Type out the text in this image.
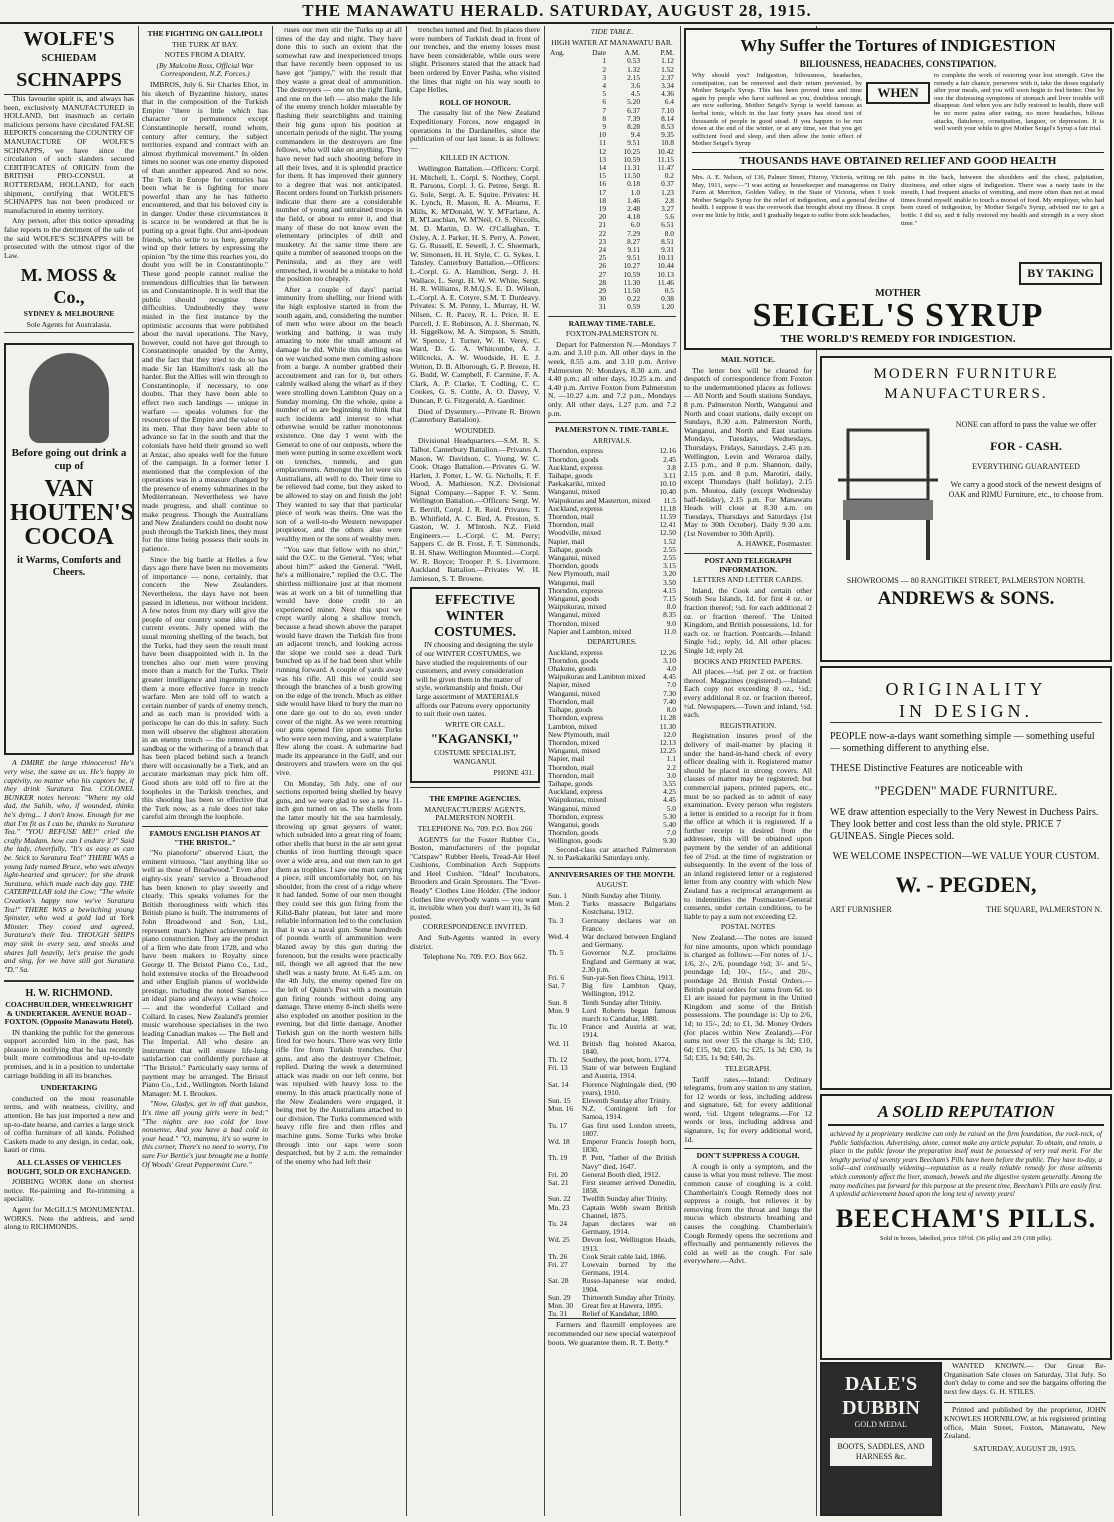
THE MANAWATU HERALD. SATURDAY, AUGUST 28, 1915.
WOLFE'S
SCHIEDAM
SCHNAPPS

This favourite spirit is, and always has been, exclusively MANUFACTURED in HOLLAND, but inasmuch as certain malicious persons have circulated FALSE REPORTS concerning the COUNTRY OF MANUFACTURE OF WOLFE'S SCHNAPPS, we have since the circulation of such slanders secured CERTIFICATES of ORIGIN from the BRITISH PRO-CONSUL at ROTTERDAM, HOLLAND, for each shipment, certifying that WOLFE'S SCHNAPPS has not been produced or manufactured in enemy territory.

Any person, after this notice spreading false reports to the detriment of the sale of the said WOLFE'S SCHNAPPS will be prosecuted with the utmost rigor of the Law.

M. MOSS & Co.,
SYDNEY & MELBOURNE
Sole Agents for Australasia.
Before going out drink a cup of
VAN HOUTEN'S COCOA
it Warms, Comforts and Cheers.

A DMIRE the large rhinoceros! He's very wise, the same as us. He's happy in captivity, no matter who his captors be, if they drink Suratura Tea. COLONEL BUNKER notes hereon: "Where my old dad, the Sahib, who, if wounded, thinks he's dying... I don't know. Enough for me that I'm fit as I can be, thanks to Suratura Tea." "YOU REFUSE ME!" cried the crafty Madam. how can I endure it?" Said the lady, cheerfully, "It's as easy as can be. Stick to Suratura Tea!" THERE WAS a young lady named Bruce, who was always light-hearted and sprucer; for she drank Suratura, which made each day gay. THE CATERPILLAR told the Cow; "The whole Creation's happy now we've Suratura Tea!" THERE WAS a bewitching young Spinster, who wed a gold lad at York Minster. They cooed and agreed, Suratura's their Tea. THOUGH SHIPS may sink in every sea, and stocks and shares fall heavily, let's praise the gods and sing, for we have still got Suratura "D." Sa.

H. W. RICHMOND.
COACHBUILDER, WHEELWRIGHT & UNDERTAKER. AVENUE ROAD - FOXTON. (Opposite Manawatu Hotel).

IN thanking the public for the generous support accorded him in the past, has pleasure in notifying that he has recently built more commodious and up-to-date premises, and is in a position to undertake carriage building in all its branches.

UNDERTAKING

conducted on the most reasonable terms, and with neatness, civility, and attention. He has just imported a new and up-to-date hearse, and carries a large stock of coffin furniture of all kinds. Polished Caskets made to any design, in cedar, oak, kauri or rimu.

ALL CLASSES OF VEHICLES BOUGHT, SOLD OR EXCHANGED.

JOBBING WORK done on shortest notice. Re-painting and Re-trimming a speciality.

Agent for McGILL'S MONUMENTAL WORKS. Note the address, and send along to RICHMONDS.

THE FIGHTING ON GALLIPOLI
THE TURK AT BAY.
NOTES FROM A DIARY.
(By Malcolm Ross, Official War Correspondent, N.Z. Forces.)

IMBROS, July 6. Sir Charles Eliot, in his sketch of Byzantine history, states that in the composition of the Turkish Empire "there is little which has character or permanence except Constantinople herself, round whom, century after century, the subject territories expand and contract with an almost rhythmical movement." In olden times no sooner was one enemy disposed of than another appeared. And so now. The Turk in Europe for centuries has been what he is fighting for more powerful than any he has hitherto encountered, and that his beloved city is in danger. Under these circumstances it is scarce to be wondered at that he is putting up a great fight. Our anti-ipodean friends, who write to us here, generally wind up their letters by expressing the opinion "by the time this reaches you, do doubt you will be in Constantinople." These good people cannot realise the tremendous difficulties that lie between us and Constantinople. It is well that the public should recognise these difficulties. Undoubtedly they were misled in the first instance by the optimistic accounts that were published about the naval operations. The Navy, however, could not have got through to Constantinople unaided by the Army, and the fact that they tried to do so has made Sir Ian Hamilton's task all the harder. But the Allies will win through to Constantinople, if necessary, to one doubts. That they have been able to effect two such landings — unique in warfare — speaks volumes for the resources of the Empire and the valour of its men. That they have been able to advance so far in the south and that the colonials have held their ground so well at Anzac, also speaks well for the future of the campaign. In a former letter I mentioned that the complexion of the operations was in a measure changed by the presence of enemy submarines in the Mediterranean. Nevertheless we have made progress, and shall continue to make progress. Though the Australians and New Zealanders could no doubt now push through the Turkish lines, they must for the time being possess their souls in patience.

Since the big battle at Helles a few days ago there have been no movements of importance — none, certainly, that concern the New Zealanders. Nevertheless, the days have not been passed in idleness, nor without incident. A few notes from my diary will give the people of our country some idea of the current events. July opened with the usual morning shelling of the beach, but the Turks, had they seen the result must have been disappointed with it. In the trenches also our men were proving more than a match for the Turks. Their greater intelligence and ingenuity make them a more effective force in trench warfare. Men are told off to watch a certain number of yards of enemy trench, and as each man is provided with a periscope he can do this in safety. Such men will observe the slightest alteration in an enemy trench — the removal of a sandbag or the withering of a branch that has been placed behind such a branch there will occasionally be a Turk, and an accurate marksman may pick him off. Good shots are told off to fire at the loopholes in the Turkish trenches, and this shooting has been so effective that the Turk now, as a rule does not take careful aim through the loophole.

FAMOUS ENGLISH PIANOS AT "THE BRISTOL."

"No pianoforte" observed Liszt, the eminent virtuoso, "last anything like so well as those of Broadwood." Even after eighty-six years' service a Broadwood has been known to play sweetly and clearly. This speaks volumes for the British thoroughness with which this British piano is built. The instruments of John Broadwood and Son, Ltd., represent man's highest achievement in piano construction. They are the product of a firm who date from 1728, and who have been makers to Royalty since George II. The Bristol Piano Co., Ltd., hold extensive stocks of the Broadwood and other English pianos of worldwide prestige, including the noted Sames — an ideal piano and always a wise choice — and the wonderful Collard and Collard. In cases, New Zealand's premier music warehouse specialises in the two leading Canadian makes — The Bell and The Imperial. All who desire an instrument that will ensure life-long satisfaction can confidently purchase at "The Bristol." Particularly easy terms of payment may be arranged. The Bristol Piano Co., Ltd., Wellington. North Island Manager: M. I. Brookes.

"Now, Gladys, get in off that gasbox, It's time all young girls were in bed;" "The nights are too cold for love nonsense, And you have a bad cold in your head." "O, mamma, it's so warm in this corner, There's no need to worry, I'm sure For Bertie's just brought me a bottle Of Woods' Great Peppermint Cure."

ruses our men stir the Turks up at all times of the day and night. They have done this to such an extent that the somewhat raw and inexperienced troops that have recently been opposed to us have got "jumpy," with the result that they waste a great deal of ammunition. The destroyers — one on the right flank, and one on the left — also make the life of the enemy trench holder miserable by flashing their searchlights and training their big guns upon his position at uncertain periods of the night. The young commanders in the destroyers are fine fellows, who will take on anything. They have never had such shooting before in all their lives, and it is splendid practice for them. It has improved their gunnery to a degree that was not anticipated. Recent orders found on Turkish prisoners indicate that there are a considerable number of young and untrained troops in the field, or about to enter it, and that many of these do not know even the elementary principles of drill and musketry. At the same time there are quite a number of seasoned troops on the Peninsula, and as they are well entrenched, it would be a mistake to hold the position too cheaply.

After a couple of days' partial immunity from shelling, our friend with the high explosive started in from the south again, and, considering the number of men who were about on the beach working and bathing, it was truly amazing to note the small amount of damage he did. While this shelling was on we watched some men coming ashore from a barge. A number grabbed their accoutrement and ran for it, but others calmly walked along the wharf as if they were strolling down Lambton Quay on a Sunday morning. On the whole, quite a number of us are beginning to think that such incidents add interest to what otherwise would be rather monotonous existence. One day I went with the General to one of our outposts, where the men were putting in some excellent work on trenches, tunnels, and gun emplacements. Amongst the lot were six Australians, all well to do. Their time to be relieved had come, but they asked to be allowed to stay on and finish the job! They wanted to say that that particular piece of work was theirs. One was the son of a well-to-do Western newspaper proprietor, and the others also were wealthy men or the sons of wealthy men.

"You saw that fellow with no shirt," said the O.C. to the General. "Yes; what about him?" asked the General. "Well, he's a millionaire," replied the O.C. The shirtless millionaire just at that moment was at work on a bit of tunnelling that would have done credit to an experienced miner. Next this spot we crept warily along a shallow trench, because a head shown above the parapet would have drawn the Turkish fire from an adjacent trench, and looking across the slope we could see a dead Turk bunched up as if he had been shot while running forward. A couple of yards away was his rifle. All this we could see through the branches of a bush growing on the edge of the trench. Much as either side would have liked to bury the man no one dare go out to do so, even under cover of the night. As we were returning our guns opened fire upon some Turks who were seen moving, and a waterplane flew along the coast. A submarine had made its appearance in the Gulf, and our destroyers and trawlers were on the qui vive.

On Monday, 5th July, one of our sections reported being shelled by heavy guns, and we were glad to see a new 11-inch gun turned on us. The shells from the latter mostly hit the sea harmlessly, throwing up great geysers of water, which subsided into a great ring of foam; other shells that burst in the air sent great chunks of iron hurtling through space over a wide area, and our men ran to get them as trophies. I saw one man carrying a piece, still uncomfortably hot, on his shoulder, from the crest of a ridge where it had landed. Some of our men thought they could see this gun firing from the Kilid-Bahr plateau, but later and more reliable information led to the conclusion that it was a naval gun. Some hundreds of pounds worth of ammunition were blazed away by this gun during the forenoon, but the results were practically nil, though we all agreed that the new shell was a nasty brute. At 6.45 a.m. on the 4th July, the enemy opened fire on the left of Quinn's Post with a mountain gun firing rounds without doing any damage. Three enemy 8-inch shells were also exploded on another position in the evening, but did little damage. Another Turkish gun on the north western hills fired for two hours. There was very little rifle fire from Turkish trenches. Our guns, and also the destroyer Chelmer, replied. During the week a determined attack was made on our left centre, but was repulsed with heavy loss to the enemy. In this attack practically none of the New Zealanders were engaged, it being met by the Australians attached to our division. The Turks commenced with heavy rifle fire and then rifles and machine guns. Some Turks who broke through into our saps were soon despatched, but by 2 a.m. the remainder of the enemy who had left their

trenches turned and fled. In places there were numbers of Turkish dead in front of our trenches, and the enemy losses must have been considerable, while ours were slight. Prisoners stated that the attack had been ordered by Enver Pasha, who visited the lines that night on his way south to Cape Helles.

ROLL OF HONOUR.

The casualty list of the New Zealand Expeditionary Forces, now engaged in operations in the Dardanelles, since the publication of our last issue, is as follows:—

KILLED IN ACTION.

Wellington Battalion.—Officers: Corpl. H. Mitchell, L. Corpl. S. Northey, Corpl. R. Parsons, Corpl. J. G. Petree, Sergt. R. G. Sole, Sergt. A. E. Squire. Privates: H. K. Lynch, R. Mason, R. A. Mearns, F. Mills, K. M'Donald, W. Y. M'Farlane, A. R. M'Lauchlan, W. M'Neil, O. S. Niccolls, M. D. Martin, D. W. O'Callaghan, T. Oxley, A. J. Parker, H. S. Perry, A. Power, G. G. Russell, E. Sewell, J. C. Shoemark, W. Simonsen, H. H. Style, C. G. Sykes, I. Tansley. Canterbury Battalion.—Officers: L.-Corpl. G. A. Hamilton, Sergt. J. H. Wallace, L. Sergt. H. W. W. White, Sergt. H. R. Williams, R.M.Q.S. E. D. Wilson, L.-Corpl. A. E. Cotyre, S.M. T. Dunleavy. Privates: S. M. Penny, L. Murray, H. W. Nilsen, C. R. Pacey, R. L. Price, R. E. Purcell, J. E. Robinson, A. J. Sherman, N. H. Siggelkow, M. A. Simpson, S. Smith, W. Spence, J. Turner, W. H. Verey, C. Ward, D. G. A. Whitcombe, A. J. Willcocks, A. W. Woodside, H. E. J. Wotton, D. B. Alborough, G. P. Breeze, H. G. Budd, W. Campbell, F. Carmine, F. A. Clark, A. P. Clarke, T. Codling, C. C. Cookes, G. S. Cottle, A. O. Davey, V. Duncan, P. G. Fitzgerald, A. Gardiner.

Died of Dysentery.—Private R. Brown (Canterbury Battalion).

WOUNDED.

Divisional Headquarters.—S.M. R. S. Talbot. Canterbury Battalion.—Privates A. Mason, W. Davidson, C. Young, W. C. Cook. Otago Battalion.—Privates G. W. Harlen, J. Potter, L. W. G. Nicholls, F. F. Wood, A. Mathieson. N.Z. Divisional Signal Company.—Sapper F. V. Senn. Wellington Battalion.—Officers: Sergt. W. E. Berrill, Corpl. J. R. Reid. Privates: T. B. Whitfield, A. C. Bird, A. Preston, S. Gaston, W. J. M'Intosh. N.Z. Field Engineers.— L.-Corpl. C. M. Perry; Sappers C. de B. Frost, F. T. Simmonds, R. H. Shaw. Wellington Mounted.—Corpl. W. R. Boyce; Trooper P. S. Livermore. Auckland Battalion.—Privates W. H. Jamieson, S. T. Browne.

EFFECTIVE WINTER COSTUMES.

IN choosing and designing the style of our WINTER COSTUMES, we have studied the requirements of our customers, and every consideration will be given them in the matter of style, workmanship and finish. Our large assortment of MATERIALS affords our Patrons every opportunity to suit their own tastes.

WRITE OR CALL.
"KAGANSKI,"
COSTUME SPECIALIST, WANGANUI.
PHONE 431.
THE EMPIRE AGENCIES.
MANUFACTURERS' AGENTS, PALMERSTON NORTH.
TELEPHONE No. 709. P.O. Box 266

AGENTS for the Foster Rubber Co., Boston, manufacturers of the popular "Catspaw" Rubber Heels, Tread-Air Heel Cushions, Combination Arch Supports and Heel Cushion. "Ideal" Incubators, Brooders and Grain Sprouters. The "Ever-Ready" Clothes Line Holder. (The indoor clothes line everybody wants — you want it, invisible when you don't want it), 3s 6d posted.

CORRESPONDENCE INVITED.

And Sub-Agents wanted in every district.

Telephone No. 709. P.O. Box 662.
TIDE TABLE.
HIGH WATER AT MANAWATU BAR.
Aug.	Date	A.M.	P.M.
	1	0.53	1.12
	2	1.32	1.52
	3	2.15	2.37
	4	3.6	3.34
	5	4.5	4.36
	6	5.20	6.4
	7	6.37	7.10
	8	7.39	8.14
	9	8.28	8.53
	10	9.4	9.35
	11	9.51	10.8
	12	10.25	10.42
	13	10.59	11.15
	14	11.31	11.47
	15	11.50	0.2
	16	0.18	0.37
	17	1.0	1.23
	18	1.46	2.8
	19	2.48	3.27
	20	4.18	5.6
	21	6.0	6.51
	22	7.29	8.0
	23	8.27	8.51
	24	9.11	9.31
	25	9.51	10.11
	26	10.27	10.44
	27	10.59	10.13
	28	11.30	11.46
	29	11.50	0.5
	30	0.22	0.38
	31	0.59	1.20
RAILWAY TIME-TABLE.
FOXTON-PALMERSTON N.

Depart for Palmerston N.—Mondays 7 a.m. and 3.10 p.m. All other days in the week, 8.55 a.m. and 3.10 p.m. Arrive Palmerston N: Mondays, 8.30 a.m. and 4.40 p.m.; all other days, 10.25 a.m. and 4.40 p.m. Arrive Foxton from Palmerston N. —10.27 a.m. and 7.2 p.m., Mondays only. All other days, 1.27 p.m. and 7.2 p.m.

PALMERSTON N. TIME-TABLE.
ARRIVALS.
Thorndon, express	12.16
Thorndon, goods	2.45
Auckland, express	3.8
Taihape, goods	3.11
Paekakariki, mixed	10.10
Wanganui, mixed	10.40
Waipukurau and Masterton, mixed 11.5
Auckland, express	11.18
Thorndon, mail	11.59
Thorndon, mail	12.41
Woodville, mixed	12.50
Napier, mail	1.52
Taihape, goods	2.55
Wanganui, mixed	2.55
Thorndon, goods	3.15
New Plymouth, mail	3.20
Wanganui, mail	3.50
Thorndon, express	4.15
Wanganui, goods	7.15
Waipukurau, mixed	8.0
Wanganui, mixed	8.35
Thorndon, mixed	9.0
Napier and Lambton, mixed	11.0
DEPARTURES.
Auckland, express	12.26
Thorndon, goods	3.10
Ohakune, goods	4.0
Waipukurau and Lambton mixed 4.45
Napier, mixed	7.0
Wanganui, mixed	7.30
Thorndon, mail	7.40
Taihape, goods	8.0
Thorndon, express	11.28
Lambton, mixed	11.30
New Plymouth, mail	12.0
Thorndon, mixed	12.13
Wanganui, mixed	12.25
Napier, mail	1.1
Thorndon, mail	2.2
Thorndon, mail	3.0
Taihape, goods	3.55
Auckland, express	4.25
Waipukurau, mixed	4.45
Wanganui, mixed	5.0
Thorndon, express	5.30
Wanganui, goods	5.40
Thorndon, goods	7.0
Wellington, goods	9.30

Second-class car attached Palmerston N. to Paekakariki Saturdays only.

ANNIVERSARIES OF THE MONTH.
AUGUST.
Sun. 1	Ninth Sunday after Trinity.
Mon. 2	Turks massacre Bulgarians Kostchana, 1912.
Tu. 3	Germany declares war on France.
Wed. 4	War declared between England and Germany.
Th. 5	Governor N.Z. proclaims England and Germany at war, 2.30 p.m.
Fri. 6	Sun-yat-Sen flees China, 1913.
Sat. 7	Big fire Lambton Quay, Wellington, 1912.
Sun. 8	Tenth Sunday after Trinity.
Mon. 9	Lord Roberts began famous march to Candahar, 1880.
Tu. 10	France and Austria at war, 1914.
Wd. 11	British flag hoisted Akaroa, 1840.
Th. 12	Southey, the poet, born, 1774.
Fri. 13	State of war between England and Austria, 1914.
Sat. 14	Florence Nightingale died, (90 years), 1910.
Sun. 15	Eleventh Sunday after Trinity.
Mon. 16	N.Z. Contingent left for Samoa, 1914.
Tu. 17	Gas first used London streets, 1807.
Wd. 18	Emperor Francis Joseph born, 1830.
Th. 19	P. Pett, "father of the British Navy" died, 1647.
Fri. 20	General Booth died, 1912.
Sat. 21	First steamer arrived Dunedin, 1858.
Sun. 22	Twelfth Sunday after Trinity.
Mn. 23	Captain Webb swam British Channel, 1875.
Tu. 24	Japan declares war on Germany, 1914.
Wd. 25	Devon lost, Wellington Heads, 1913.
Th. 26	Cook Strait cable laid, 1866.
Fri. 27	Lowvain burned by the Germans, 1914.
Sat. 28	Russo-Japanese war ended, 1904.
Sun. 29	Thirteenth Sunday after Trinity.
Mon. 30	Great fire at Hawera, 1895.
Tu. 31	Relief of Kandahar, 1880.

Farmers and flaxmill employees are recommended our new special waterproof boots. We guarantee them. R. T. Betty.*

Why Suffer the Tortures of INDIGESTION
BILIOUSNESS, HEADACHES, CONSTIPATION.
Why should you? Indigestion, biliousness, headaches, constipation, can be removed and their return prevented, by Mother Seigel's Syrup. This has been proved time and time again by people who have suffered as you, doubtless enough, are now suffering. Mother Seigel's Syrup is world famous as herbal tonic, which in the last forty years has stood test of thousands of people in good stead. If you happen to be run down at the end of the winter, or at any time, see that you get sufficient food and sleep, and then allow the tonic effect of Mother Seigel's Syrup
WHEN
to complete the work of restoring your lost strength. Give the remedy a fair chance, persevere with it, take the doses regularly after your meals, and you will soon begin to feel better. One by one the distressing symptoms of stomach and liver trouble will disappear. And when you are fully restored to health, there will be no more pains after eating, no more headaches, bilious attacks, flatulence, constipation, languor, or depression. It is well worth your while to give Mother Seigel's Syrup a fair trial.
THOUSANDS HAVE OBTAINED RELIEF AND GOOD HEALTH
Mrs. A. E. Nelson, of 136, Palmer Street, Fitzroy, Victoria, writing on 6th May, 1911, says:—"I was acting as housekeeper and manageress on Dairy Farm at Merriton, Golden Valley, in the State of Victoria, when I took Mother Seigel's Syrup for the relief of indigestion, and a general decline of health. I suppose it was the overwork that brought about my illness. It crept over me little by little, and I gradually began to suffer from sick headaches,
pains in the back, between the shoulders and the chest, palpitation, dizziness, and other signs of indigestion. There was a nasty taste in the mouth, I had frequent attacks of vomiting, and more often than not at meal times found myself unable to touch a morsel of food. My employer, who had been cured of indigestion, by Mother Seigel's Syrup, advised me to get a bottle. I did so, and it fully restored my health and strength in a very short time."
BY TAKING
MOTHER
SEIGEL'S SYRUP
THE WORLD'S REMEDY FOR INDIGESTION.
MAIL NOTICE.

The letter box will be cleared for despatch of correspondence from Foxton to the undermentioned places as follows:— All North and South stations Sundays, 8 p.m. Palmerston North, Wanganui and North and coast stations, daily except on Sundays, 8.30 a.m. Palmerston North, Wanganui, and North and East stations Mondays, Tuesdays, Wednesdays, Thursdays, Fridays, Saturdays, 2.45 p.m. Wellington, Levin and Weraroa daily, 2.15 p.m., and 8 p.m. Shannon, daily, 2.15 p.m. and 8 p.m. Marotiri, daily, except Thursdays (half holiday), 2.15 p.m. Moutoa, daily (except Wednesday half-holiday), 2.15 p.m. For Manawatu Heads will close at 8.30 a.m. on Tuesdays, Thursdays and Saturdays (1st May to 30th October). Daily 9.30 a.m. (1st November to 30th April).

A. HAWKE, Postmaster.
POST AND TELEGRAPH INFORMATION.
LETTERS AND LETTER CARDS.

Inland, the Cook and certain other South Sea Islands, 1d. for first 4 oz. or fraction thereof; ½d. for each additional 2 oz. or fraction thereof. The United Kingdom, and British possessions, 1d. for each oz. or fraction. Postcards.—Inland: Single ½d.; reply, 1d. All other places: Single 1d; reply 2d.

BOOKS AND PRINTED PAPERS.

All places.—½d. per 2 oz. or fraction thereof. Magazines (registered).—Inland: Each copy not exceeding 8 oz., ½d.; every additional 8 oz. or fraction thereof, ½d. Newspapers.—Town and inland, ½d. each.

REGISTRATION.

Registration insures proof of the delivery of mail-matter by placing it under the hand-in-hand check of every officer dealing with it. Registered matter should be placed in strong covers. All classes of matter may be registered; but commercial papers, printed papers, etc., must be so packed as to admit of easy examination. Every person who registers a letter is entitled to a receipt for it from the office at which it is registered. If a further receipt is desired from the addressee, this will be obtained upon payment by the sender of an additional fee of 2½d. at the time of registration or subsequently. In the event of the loss of an inland registered letter or a registered letter from any country with which New Zealand has a reciprocal arrangement as to indemnities the Postmaster-General consents, under certain conditions, to be liable to pay a sum not exceeding £2.

POSTAL NOTES

New Zealand.—The notes are issued for nine amounts, upon which poundage is charged as follows:—For notes of 1/-, 1/6, 2/-, 2/6, poundage ½d; 3/- and 5/-, poundage 1d; 10/-, 15/-, and 20/-, poundage 2d. British Postal Orders.—British postal orders for sums from 6d. to £1 are issued for payment in the United Kingdom and some of the British possessions. The poundage is: Up to 2/6, 1d; to 15/-, 2d; to £1, 3d. Money Orders (for places within New Zealand).—For sums not over £5 the charge is 3d; £10, 6d; £15, 9d; £20, 1s; £25, 1s 3d; £30, 1s 5d; £35, 1s 9d; £40, 2s.

TELEGRAPH.

Tariff rates.—Inland: Ordinary telegrams, from any station to any station, for 12 words or less, including address and signature, 6d; for every additional word, ½d. Urgent telegrams.—For 12 words or less, including address and signature, 1s; for every additional word, 1d.

DON'T SUPPRESS A COUGH.

A cough is only a symptom, and the cause is what you must relieve. The most common cause of coughing is a cold. Chamberlain's Cough Remedy does not suppress a cough, but relieves it by removing from the throat and lungs the mucus which obstructs breathing and causes the coughing. Chamberlain's Cough Remedy opens the secretions and effectually and permanently relieves the cold as well as the cough. For sale everywhere.—Advt.

MODERN FURNITURE
MANUFACTURERS.
NONE can afford to pass the value we offer
FOR - CASH.
EVERYTHING GUARANTEED
We carry a good stock of the newest designs of OAK and RIMU Furniture, etc., to choose from.
SHOWROOMS — 80 RANGITIKEI STREET, PALMERSTON NORTH.
ANDREWS & SONS.
ORIGINALITY
IN DESIGN.
PEOPLE now-a-days want something simple — something useful — something different to anything else.
THESE Distinctive Features are noticeable with
"PEGDEN" MADE FURNITURE.
WE draw attention especially to the Very Newest in Duchess Pairs. They look better and cost less than the old style. PRICE 7 GUINEAS. Single Pieces sold.
WE WELCOME INSPECTION—WE VALUE YOUR CUSTOM.
W. - PEGDEN,
ART FURNISHER	THE SQUARE, PALMERSTON N.
A SOLID REPUTATION
achieved by a proprietary medicine can only be raised on the firm foundation, the rock-rock, of Public Satisfaction. Advertising, alone, cannot make any article popular. To obtain, and retain, a place in the public favour the preparation itself must be possessed of very real merit. For the lengthy period of seventy years Beecham's Pills have been before the public. They have to-day, a solid—and continually widening—reputation as a really reliable remedy for those ailments which commonly affect the liver, stomach, bowels and the digestive system generally. Among the many medicines put forward for this purpose at the present time, Beecham's Pills are easily first. A splendid achievement based upon the long test of seventy years!
BEECHAM'S PILLS.
Sold in boxes, labelled, price 10½d. (36 pills) and 2/9 (168 pills).
DALE'S DUBBIN
GOLD MEDAL
BOOTS, SADDLES, AND HARNESS &c.

WANTED KNOWN.— Our Great Re-Organisation Sale closes on Saturday, 31st July. So don't delay to come and see the bargains offering the next few days. G. H. STILES.

Printed and published by the proprietor, JOHN KNOWLES HORNBLOW, at his registered printing office, Main Street, Foxton, Manawatu, New Zealand.

SATURDAY, AUGUST 28, 1915.
